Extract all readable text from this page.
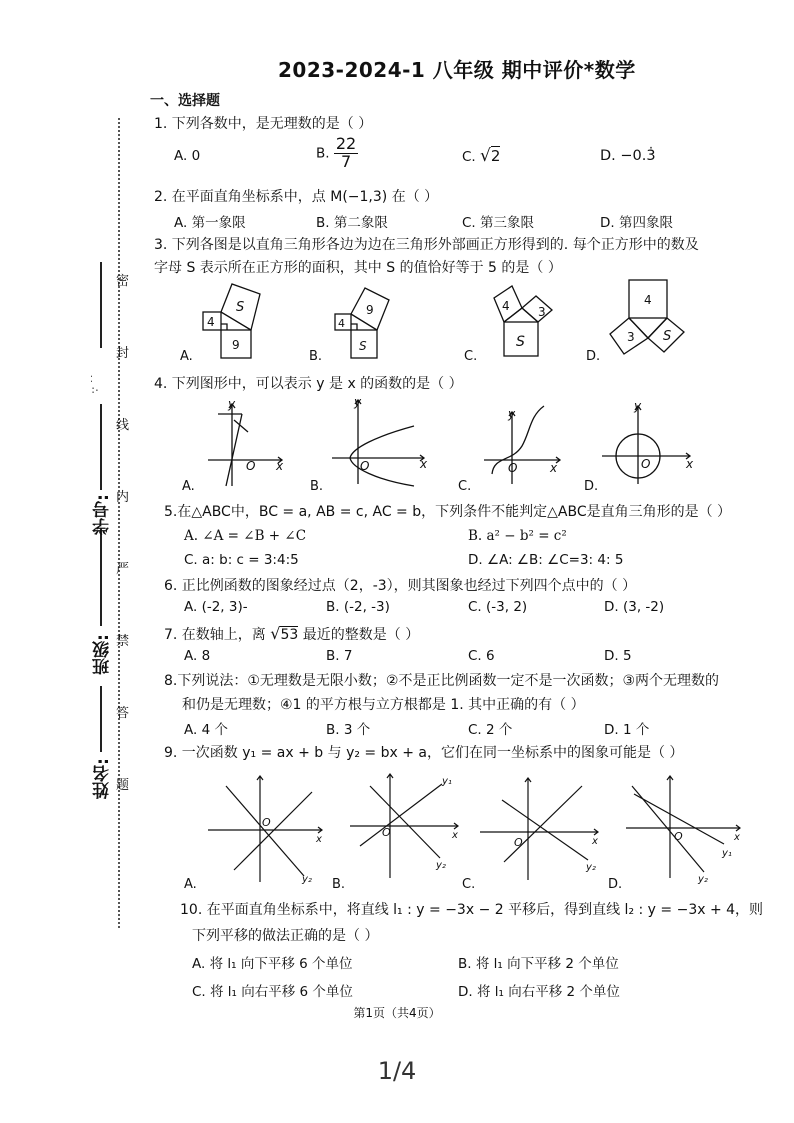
2023-2024-1 八年级 期中评价*数学
一、选择题
∵ ˙˙
学号:
班级:
姓名:
密
封
线
内
严
禁
答
题
1. 下列各数中，是无理数的是（ ）
A. 0	B. $\frac{22}{7}$	C. √2	D. −0.3̇
2. 在平面直角坐标系中，点 M(−1,3) 在（ ）
A. 第一象限	B. 第二象限	C. 第三象限	D. 第四象限
3. 下列各图是以直角三角形各边为边在三角形外部画正方形得到的. 每个正方形中的数及
字母 S 表示所在正方形的面积，其中 S 的值恰好等于 5 的是（ ）
S
4
9
A.
9
4
S
B.
4 3
S
C.
4
3 S
D.
4. 下列图形中，可以表示 y 是 x 的函数的是（ ）
y
O x
A.
y
O	x
B.
y
O	x
C.
y
O	x
D.
5.在△ABC中，BC = a, AB = c, AC = b，下列条件不能判定△ABC是直角三角形的是（ ）
A. ∠A = ∠B + ∠C	B. a² − b² = c²
C. a: b: c = 3:4:5	D. ∠A: ∠B: ∠C=3: 4: 5
6. 正比例函数的图象经过点（2，-3），则其图象也经过下列四个点中的（ ）
A. (-2, 3)-	B. (-2, -3)	C. (-3, 2)	D. (3, -2)
7. 在数轴上，离 √53 最近的整数是（ ）
A. 8	B. 7	C. 6	D. 5
8.下列说法：①无理数是无限小数；②不是正比例函数一定不是一次函数；③两个无理数的
和仍是无理数；④1 的平方根与立方根都是 1. 其中正确的有（ ）
A. 4 个	B. 3 个	C. 2 个	D. 1 个
9. 一次函数 y₁ = ax + b 与 y₂ = bx + a，它们在同一坐标系中的图象可能是（ ）
O
x
y₂
A.
O	x
y₁
y₂
B.
O	x
y₂
C.
O	x
y₁
y₂
D.
10. 在平面直角坐标系中，将直线 l₁ : y = −3x − 2 平移后，得到直线 l₂ : y = −3x + 4，则
下列平移的做法正确的是（ ）
A. 将 l₁ 向下平移 6 个单位	B. 将 l₁ 向下平移 2 个单位
C. 将 l₁ 向右平移 6 个单位	D. 将 l₁ 向右平移 2 个单位
第1页（共4页）
1/4
